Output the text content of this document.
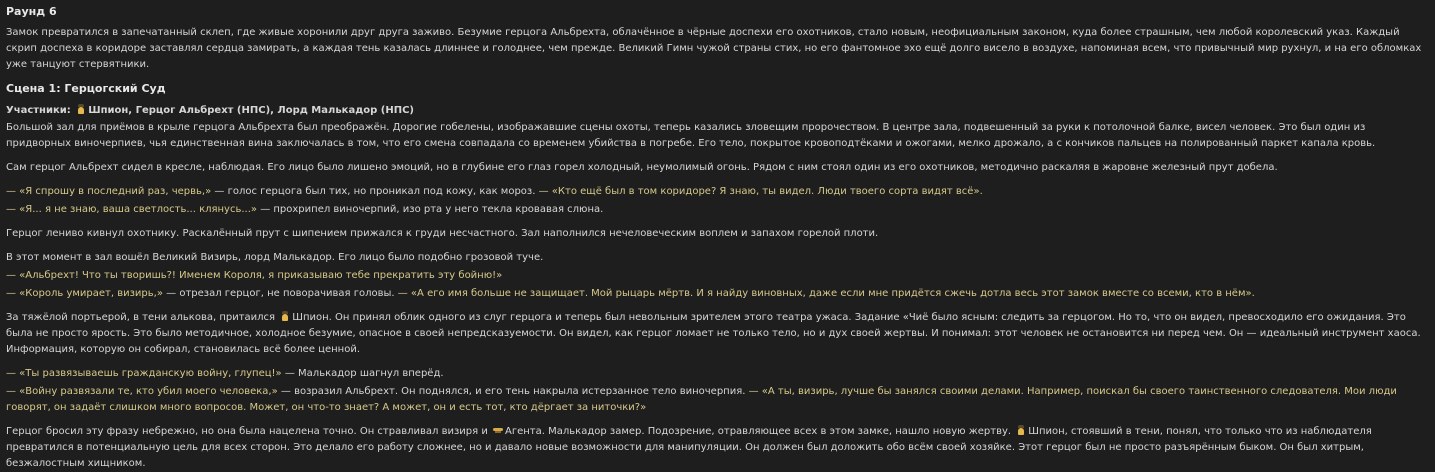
Раунд 6

Замок превратился в запечатанный склеп, где живые хоронили друг друга заживо. Безумие герцога Альбрехта, облачённое в чёрные доспехи его охотников, стало новым, неофициальным законом, куда более страшным, чем любой королевский указ. Каждый скрип доспеха в коридоре заставлял сердца замирать, а каждая тень казалась длиннее и голоднее, чем прежде. Великий Гимн чужой страны стих, но его фантомное эхо ещё долго висело в воздухе, напоминая всем, что привычный мир рухнул, и на его обломках уже танцуют стервятники.

Сцена 1: Герцогский Суд

Участники: Шпион, Герцог Альбрехт (НПС), Лорд Малькадор (НПС)

Большой зал для приёмов в крыле герцога Альбрехта был преображён. Дорогие гобелены, изображавшие сцены охоты, теперь казались зловещим пророчеством. В центре зала, подвешенный за руки к потолочной балке, висел человек. Это был один из придворных виночерпиев, чья единственная вина заключалась в том, что его смена совпадала со временем убийства в погребе. Его тело, покрытое кровоподтёками и ожогами, мелко дрожало, а с кончиков пальцев на полированный паркет капала кровь.

Сам герцог Альбрехт сидел в кресле, наблюдая. Его лицо было лишено эмоций, но в глубине его глаз горел холодный, неумолимый огонь. Рядом с ним стоял один из его охотников, методично раскаляя в жаровне железный прут добела.

— «Я спрошу в последний раз, червь,» — голос герцога был тих, но проникал под кожу, как мороз. — «Кто ещё был в том коридоре? Я знаю, ты видел. Люди твоего сорта видят всё».

— «Я... я не знаю, ваша светлость... клянусь...» — прохрипел виночерпий, изо рта у него текла кровавая слюна.

Герцог лениво кивнул охотнику. Раскалённый прут с шипением прижался к груди несчастного. Зал наполнился нечеловеческим воплем и запахом горелой плоти.

В этот момент в зал вошёл Великий Визирь, лорд Малькадор. Его лицо было подобно грозовой туче.

— «Альбрехт! Что ты творишь?! Именем Короля, я приказываю тебе прекратить эту бойню!»

— «Король умирает, визирь,» — отрезал герцог, не поворачивая головы. — «А его имя больше не защищает. Мой рыцарь мёртв. И я найду виновных, даже если мне придётся сжечь дотла весь этот замок вместе со всеми, кто в нём».

За тяжёлой портьерой, в тени алькова, притаился Шпион. Он принял облик одного из слуг герцога и теперь был невольным зрителем этого театра ужаса. Задание «Чиё было ясным: следить за герцогом. Но то, что он видел, превосходило его ожидания. Это была не просто ярость. Это было методичное, холодное безумие, опасное в своей непредсказуемости. Он видел, как герцог ломает не только тело, но и дух своей жертвы. И понимал: этот человек не остановится ни перед чем. Он — идеальный инструмент хаоса. Информация, которую он собирал, становилась всё более ценной.

— «Ты развязываешь гражданскую войну, глупец!» — Малькадор шагнул вперёд.

— «Войну развязали те, кто убил моего человека,» — возразил Альбрехт. Он поднялся, и его тень накрыла истерзанное тело виночерпия. — «А ты, визирь, лучше бы занялся своими делами. Например, поискал бы своего таинственного следователя. Мои люди говорят, он задаёт слишком много вопросов. Может, он что-то знает? А может, он и есть тот, кто дёргает за ниточки?»

Герцог бросил эту фразу небрежно, но она была нацелена точно. Он стравливал визиря и Агента. Малькадор замер. Подозрение, отравляющее всех в этом замке, нашло новую жертву. Шпион, стоявший в тени, понял, что только что из наблюдателя превратился в потенциальную цель для всех сторон. Это делало его работу сложнее, но и давало новые возможности для манипуляции. Он должен был доложить обо всём своей хозяйке. Этот герцог был не просто разъярённым быком. Он был хитрым, безжалостным хищником.
